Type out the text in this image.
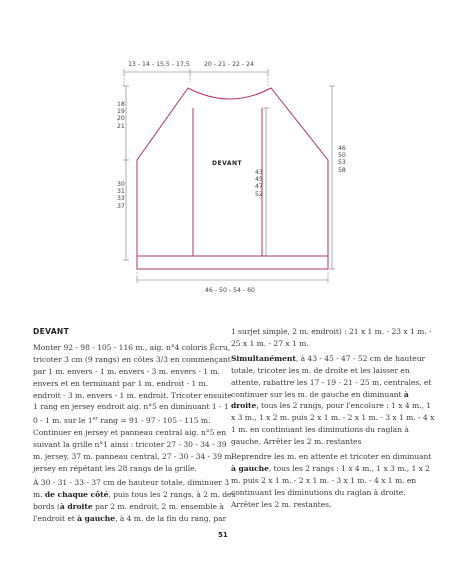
13 - 14 - 15,5 - 17,5 20 - 21 - 22 - 24
18
19
20
21
30
31
33
37
46
50
53
58
43
45
47
52
46 - 50 - 54 - 60
DEVANT
DEVANT

Monter 92 - 98 - 105 - 116 m., aig. n°4 coloris Écru, tricoter 3 cm (9 rangs) en côtes 3/3 en commençant par 1 m. envers - 1 m. envers - 3 m. envers - 1 m. envers et en terminant par 1 m. endroit - 1 m. endroit - 3 m. envers - 1 m. endroit. Tricoter ensuite 1 rang en jersey endroit aig. n°5 en diminuant 1 - 1 - 0 - 1 m. sur le 1er rang = 91 - 97 - 105 - 115 m. Continuer en jersey et panneau central aig. n°5 en suivant la grille n°1 ainsi : tricoter 27 - 30 - 34 - 39 m. jersey, 37 m. panneau central, 27 - 30 - 34 - 39 m. jersey en répétant les 28 rangs de la grille.

À 30 - 31 - 33 - 37 cm de hauteur totale, diminuer 3 m. de chaque côté, puis tous les 2 rangs, à 2 m. des bords (à droite par 2 m. endroit, 2 m. ensemble à l'endroit et à gauche, à 4 m. de la fin du rang, par

1 surjet simple, 2 m. endroit) : 21 x 1 m. - 23 x 1 m. - 25 x 1 m. - 27 x 1 m.

Simultanément, à 43 - 45 - 47 - 52 cm de hauteur totale, tricoter les m. de droite et les laisser en attente, rabattre les 17 - 19 - 21 - 25 m. centrales, et continuer sur les m. de gauche en diminuant à droite, tous les 2 rangs, pour l'encolure : 1 x 4 m., 1 x 3 m., 1 x 2 m. puis 2 x 1 m. - 2 x 1 m. - 3 x 1 m. - 4 x 1 m. en continuant les diminutions du raglan à gauche. Arrêter les 2 m. restantes

Reprendre les m. en attente et tricoter en diminuant à gauche, tous les 2 rangs : 1 x 4 m., 1 x 3 m., 1 x 2 m. puis 2 x 1 m. - 2 x 1 m. - 3 x 1 m. - 4 x 1 m. en continuant les diminutions du raglan à droite. Arrêter les 2 m. restantes.

51
